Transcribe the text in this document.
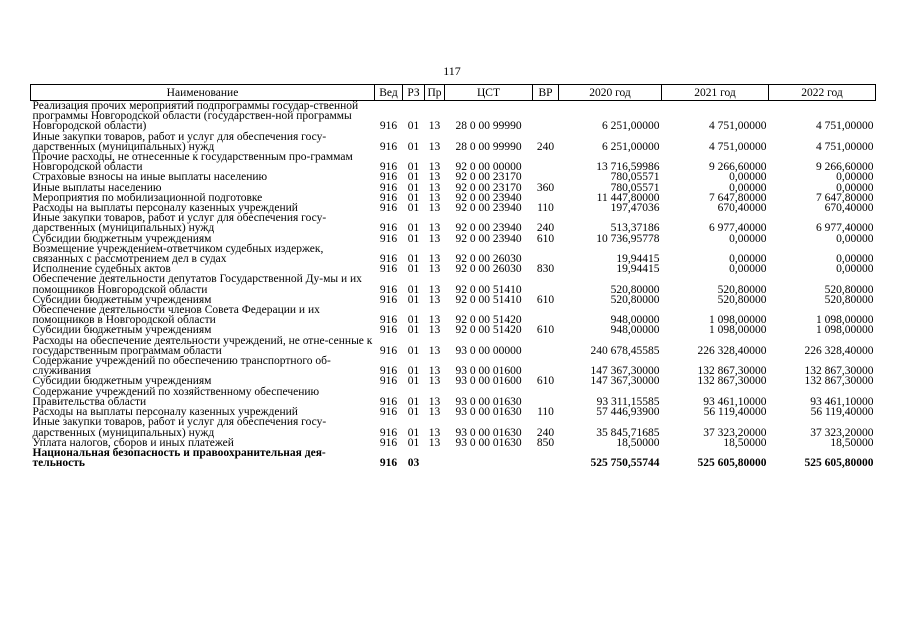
117
Наименование	Вед	РЗ	Пр	ЦСТ	ВР	2020 год	2021 год	2022 год
Реализация прочих мероприятий подпрограммы государ-ственной программы Новгородской области (государствен-ной программы Новгородской области)	916	01	13	28 0 00 99990		6 251,00000	4 751,00000	4 751,00000
Иные закупки товаров, работ и услуг для обеспечения госу-дарственных (муниципальных) нужд	916	01	13	28 0 00 99990	240	6 251,00000	4 751,00000	4 751,00000
Прочие расходы, не отнесенные к государственным про-граммам Новгородской области	916	01	13	92 0 00 00000		13 716,59986	9 266,60000	9 266,60000
Страховые взносы на иные выплаты населению	916	01	13	92 0 00 23170		780,05571	0,00000	0,00000
Иные выплаты населению	916	01	13	92 0 00 23170	360	780,05571	0,00000	0,00000
Мероприятия по мобилизационной подготовке	916	01	13	92 0 00 23940		11 447,80000	7 647,80000	7 647,80000
Расходы на выплаты персоналу казенных учреждений	916	01	13	92 0 00 23940	110	197,47036	670,40000	670,40000
Иные закупки товаров, работ и услуг для обеспечения госу-дарственных (муниципальных) нужд	916	01	13	92 0 00 23940	240	513,37186	6 977,40000	6 977,40000
Субсидии бюджетным учреждениям	916	01	13	92 0 00 23940	610	10 736,95778	0,00000	0,00000
Возмещение учреждением-ответчиком судебных издержек, связанных с рассмотрением дел в судах	916	01	13	92 0 00 26030		19,94415	0,00000	0,00000
Исполнение судебных актов	916	01	13	92 0 00 26030	830	19,94415	0,00000	0,00000
Обеспечение деятельности депутатов Государственной Ду-мы и их помощников Новгородской области	916	01	13	92 0 00 51410		520,80000	520,80000	520,80000
Субсидии бюджетным учреждениям	916	01	13	92 0 00 51410	610	520,80000	520,80000	520,80000
Обеспечение деятельности членов Совета Федерации и их помощников в Новгородской области	916	01	13	92 0 00 51420		948,00000	1 098,00000	1 098,00000
Субсидии бюджетным учреждениям	916	01	13	92 0 00 51420	610	948,00000	1 098,00000	1 098,00000
Расходы на обеспечение деятельности учреждений, не отне-сенные к государственным программам области	916	01	13	93 0 00 00000		240 678,45585	226 328,40000	226 328,40000
Содержание учреждений по обеспечению транспортного об-служивания	916	01	13	93 0 00 01600		147 367,30000	132 867,30000	132 867,30000
Субсидии бюджетным учреждениям	916	01	13	93 0 00 01600	610	147 367,30000	132 867,30000	132 867,30000
Содержание учреждений по хозяйственному обеспечению Правительства области	916	01	13	93 0 00 01630		93 311,15585	93 461,10000	93 461,10000
Расходы на выплаты персоналу казенных учреждений	916	01	13	93 0 00 01630	110	57 446,93900	56 119,40000	56 119,40000
Иные закупки товаров, работ и услуг для обеспечения госу-дарственных (муниципальных) нужд	916	01	13	93 0 00 01630	240	35 845,71685	37 323,20000	37 323,20000
Уплата налогов, сборов и иных платежей	916	01	13	93 0 00 01630	850	18,50000	18,50000	18,50000
Национальная безопасность и правоохранительная дея-тельность	916	03				525 750,55744	525 605,80000	525 605,80000
